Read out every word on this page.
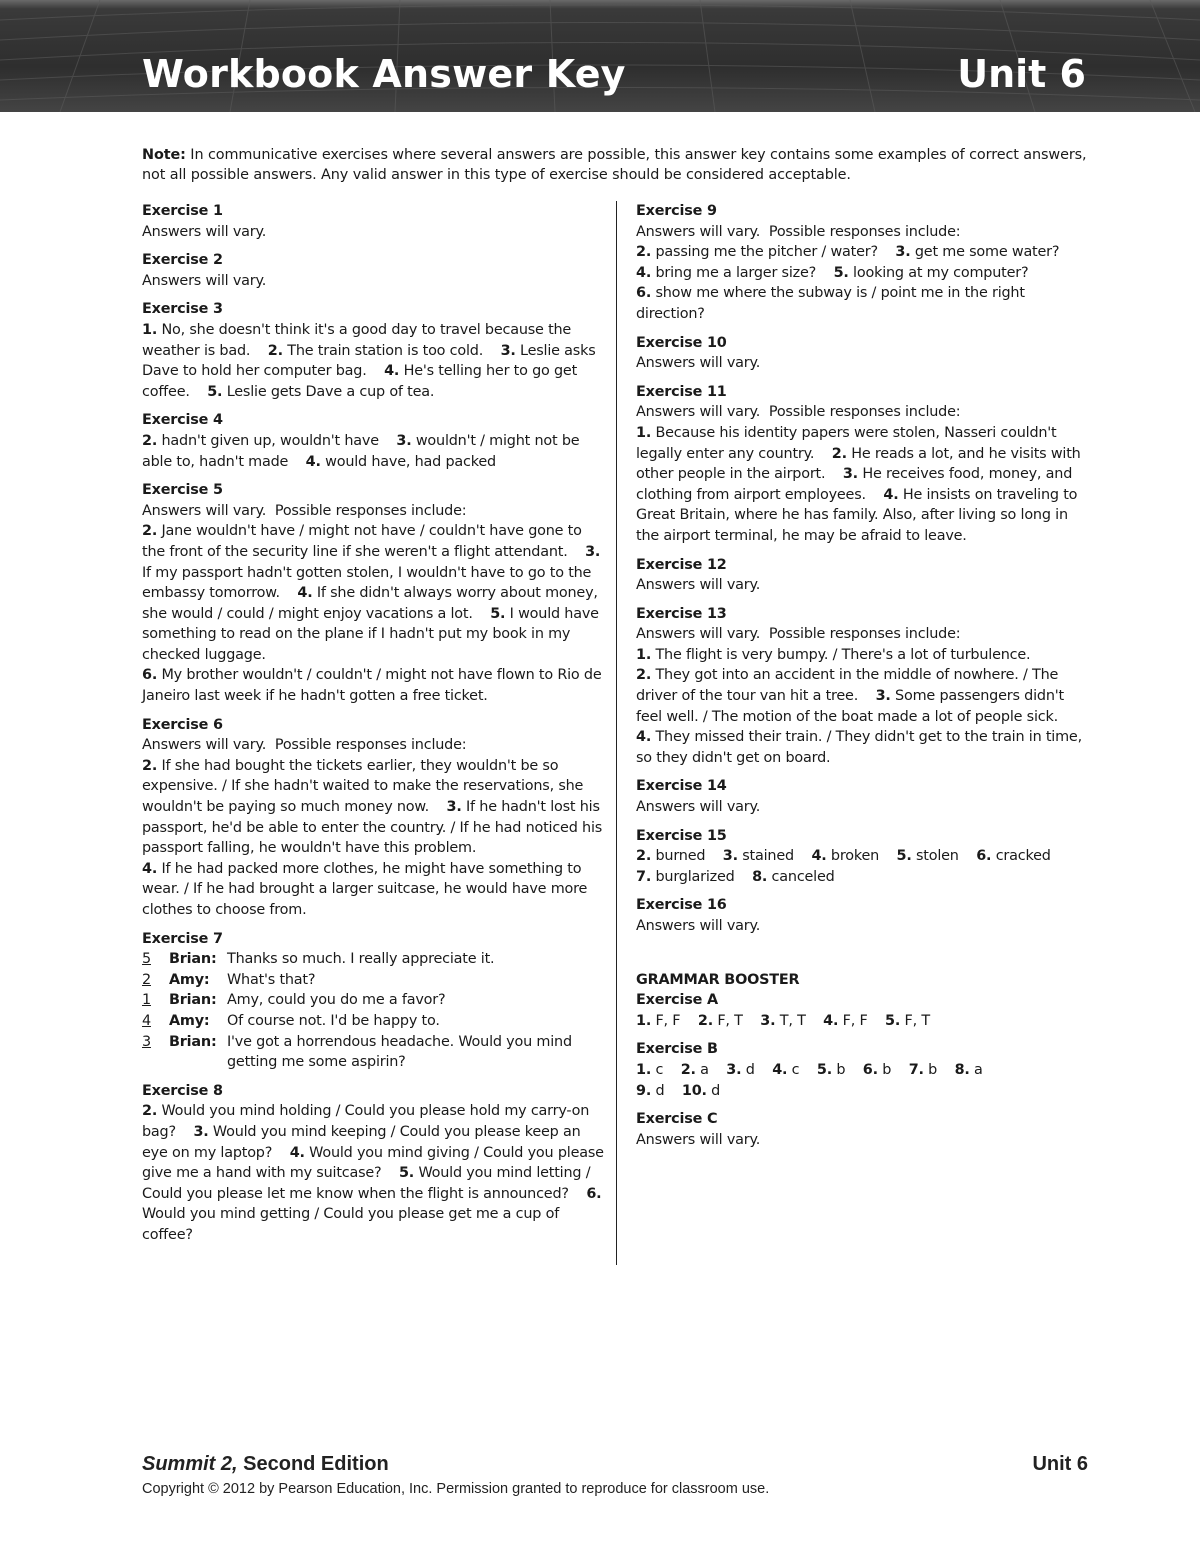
Workbook Answer Key	Unit 6
Note: In communicative exercises where several answers are possible, this answer key contains some examples of correct answers, not all possible answers. Any valid answer in this type of exercise should be considered acceptable.
Exercise 1

Answers will vary.

Exercise 2

Answers will vary.

Exercise 3

1. No, she doesn't think it's a good day to travel because the weather is bad.    2. The train station is too cold.    3. Leslie asks Dave to hold her computer bag.    4. He's telling her to go get coffee.    5. Leslie gets Dave a cup of tea.

Exercise 4

2. hadn't given up, wouldn't have    3. wouldn't / might not be able to, hadn't made    4. would have, had packed

Exercise 5

Answers will vary.  Possible responses include:

2. Jane wouldn't have / might not have / couldn't have gone to the front of the security line if she weren't a flight attendant.    3. If my passport hadn't gotten stolen, I wouldn't have to go to the embassy tomorrow.    4. If she didn't always worry about money, she would / could / might enjoy vacations a lot.    5. I would have something to read on the plane if I hadn't put my book in my checked luggage.

6. My brother wouldn't / couldn't / might not have flown to Rio de Janeiro last week if he hadn't gotten a free ticket.

Exercise 6

Answers will vary.  Possible responses include:

2. If she had bought the tickets earlier, they wouldn't be so expensive. / If she hadn't waited to make the reservations, she wouldn't be paying so much money now.    3. If he hadn't lost his passport, he'd be able to enter the country. / If he had noticed his passport falling, he wouldn't have this problem.

4. If he had packed more clothes, he might have something to wear. / If he had brought a larger suitcase, he would have more clothes to choose from.

Exercise 7
5	Brian: Thanks so much. I really appreciate it.
2	Amy:	What's that?
1	Brian: Amy, could you do me a favor?
4	Amy:	Of course not. I'd be happy to.
3	Brian: I've got a horrendous headache. Would you mind getting me some aspirin?
Exercise 8

2. Would you mind holding / Could you please hold my carry-on bag?    3. Would you mind keeping / Could you please keep an eye on my laptop?    4. Would you mind giving / Could you please give me a hand with my suitcase?    5. Would you mind letting / Could you please let me know when the flight is announced?    6. Would you mind getting / Could you please get me a cup of coffee?

Exercise 9

Answers will vary.  Possible responses include:

2. passing me the pitcher / water?    3. get me some water?

4. bring me a larger size?    5. looking at my computer?

6. show me where the subway is / point me in the right direction?

Exercise 10

Answers will vary.

Exercise 11

Answers will vary.  Possible responses include:

1. Because his identity papers were stolen, Nasseri couldn't legally enter any country.    2. He reads a lot, and he visits with other people in the airport.    3. He receives food, money, and clothing from airport employees.    4. He insists on traveling to Great Britain, where he has family. Also, after living so long in the airport terminal, he may be afraid to leave.

Exercise 12

Answers will vary.

Exercise 13

Answers will vary.  Possible responses include:

1. The flight is very bumpy. / There's a lot of turbulence.

2. They got into an accident in the middle of nowhere. / The driver of the tour van hit a tree.    3. Some passengers didn't feel well. / The motion of the boat made a lot of people sick.

4. They missed their train. / They didn't get to the train in time, so they didn't get on board.

Exercise 14

Answers will vary.

Exercise 15

2. burned    3. stained    4. broken    5. stolen    6. cracked

7. burglarized    8. canceled

Exercise 16

Answers will vary.

GRAMMAR BOOSTER
Exercise A

1. F, F    2. F, T    3. T, T    4. F, F    5. F, T

Exercise B

1. c    2. a    3. d    4. c    5. b    6. b    7. b    8. a

9. d    10. d

Exercise C

Answers will vary.

Summit 2, Second Edition	Unit 6
Copyright © 2012 by Pearson Education, Inc. Permission granted to reproduce for classroom use.
